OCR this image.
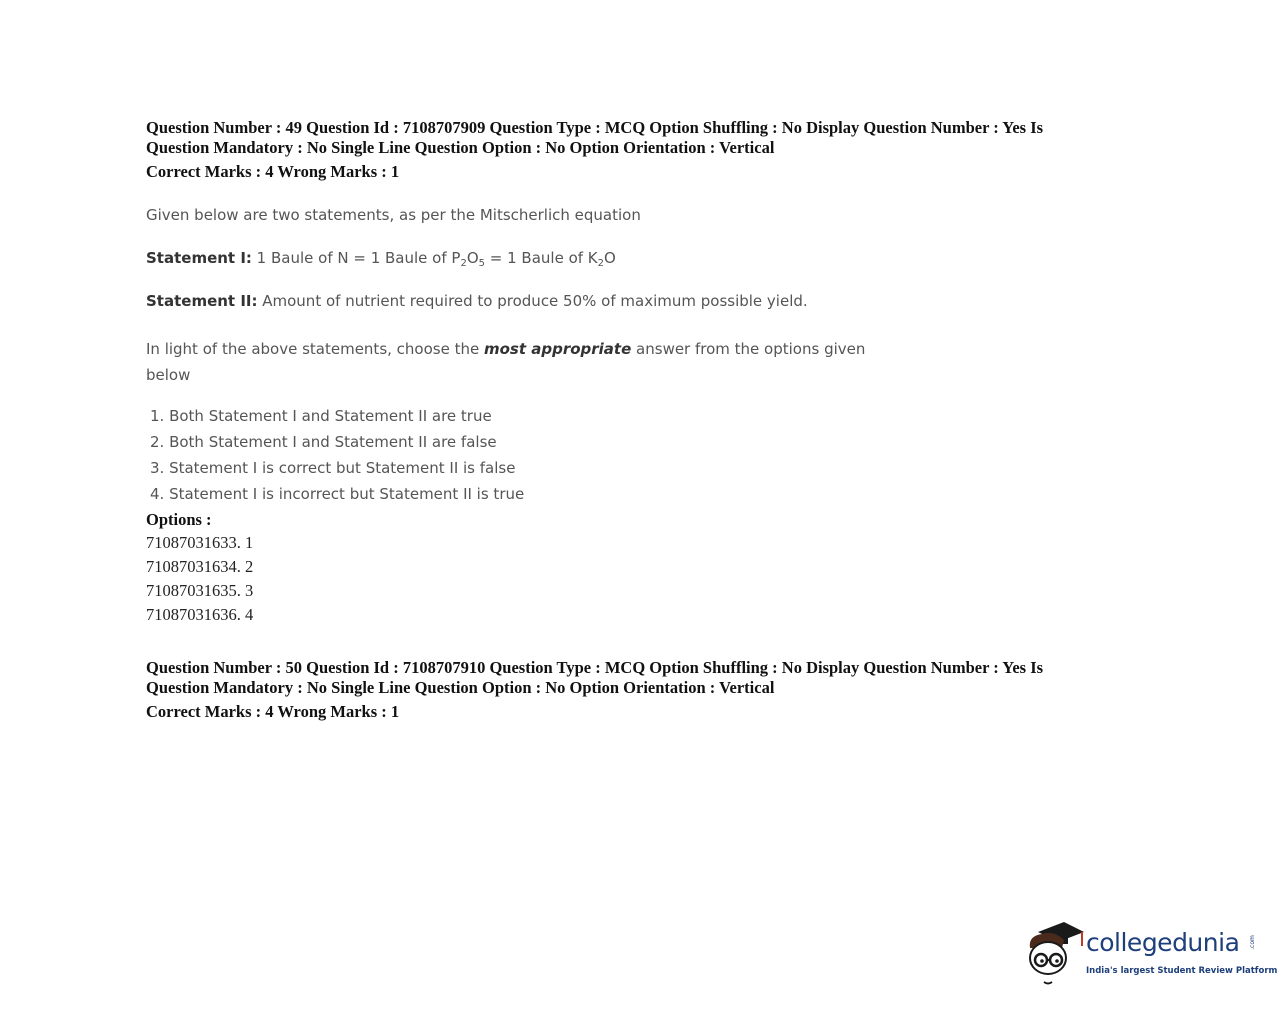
Question Number : 49 Question Id : 7108707909 Question Type : MCQ Option Shuffling : No Display Question Number : Yes Is
Question Mandatory : No Single Line Question Option : No Option Orientation : Vertical
Correct Marks : 4 Wrong Marks : 1
Given below are two statements, as per the Mitscherlich equation
Statement I: 1 Baule of N = 1 Baule of $P_2O_5 = 1$ Baule of $K_2O$
Statement II: Amount of nutrient required to produce 50% of maximum possible yield.
In light of the above statements, choose the most appropriate answer from the options given
below
1. Both Statement I and Statement II are true
2. Both Statement I and Statement II are false
3. Statement I is correct but Statement II is false
4. Statement I is incorrect but Statement II is true
Options :
71087031633. 1
71087031634. 2
71087031635. 3
71087031636. 4
Question Number : 50 Question Id : 7108707910 Question Type : MCQ Option Shuffling : No Display Question Number : Yes Is
Question Mandatory : No Single Line Question Option : No Option Orientation : Vertical
Correct Marks : 4 Wrong Marks : 1
collegedunia .com
India's largest Student Review Platform
